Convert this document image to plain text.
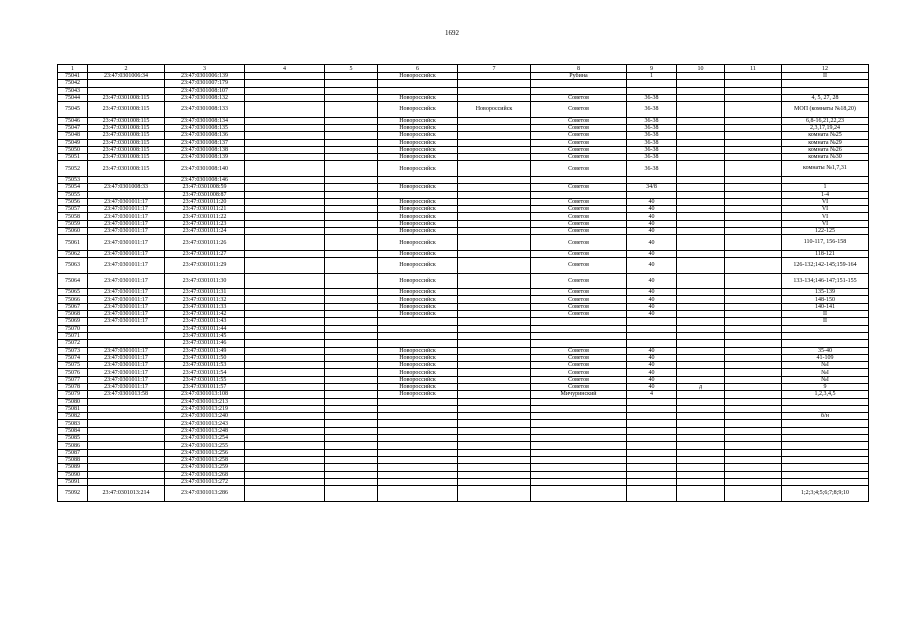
1692
1	2	3	4	5	6	7	8	9	10	11	12
75041	23:47:0301006:34	23:47:0301006:139			Новороссийск		Рубина	1			II
75042		23:47:0301007:179									
75043		23:47:0301008:107									
75044	23:47:0301008:115	23:47:0301008:132			Новороссийск		Советов	36-38			4, 5, 27, 28
75045	23:47:0301008:115	23:47:0301008:133			Новороссийск	Новороссийск	Советов	36-38			МОП (комнаты №18,20)
75046	23:47:0301008:115	23:47:0301008:134			Новороссийск		Советов	36-38			6,8-16,21,22,23
75047	23:47:0301008:115	23:47:0301008:135			Новороссийск		Советов	36-38			2,3,17,19,24
75048	23:47:0301008:115	23:47:0301008:136			Новороссийск		Советов	36-38			комната №25
75049	23:47:0301008:115	23:47:0301008:137			Новороссийск		Советов	36-38			комната №29
75050	23:47:0301008:115	23:47:0301008:138			Новороссийск		Советов	36-38			комната №26
75051	23:47:0301008:115	23:47:0301008:139			Новороссийск		Советов	36-38			комната №30
75052	23:47:0301008:115	23:47:0301008:140			Новороссийск		Советов	36-38			комнаты №1,7,31
75053		23:47:0301008:146									
75054	23:47:0301008:33	23:47:0301008:59			Новороссийск		Советов	34/8			1
75055		23:47:0301008:87									1-4
75056	23:47:0301011:17	23:47:0301011:20			Новороссийск		Советов	40			VI
75057	23:47:0301011:17	23:47:0301011:21			Новороссийск		Советов	40			VI
75058	23:47:0301011:17	23:47:0301011:22			Новороссийск		Советов	40			VI
75059	23:47:0301011:17	23:47:0301011:23			Новороссийск		Советов	40			VI
75060	23:47:0301011:17	23:47:0301011:24			Новороссийск		Советов	40			122-125
75061	23:47:0301011:17	23:47:0301011:26			Новороссийск		Советов	40			110-117, 156-158
75062	23:47:0301011:17	23:47:0301011:27			Новороссийск		Советов	40			118-121
75063	23:47:0301011:17	23:47:0301011:29			Новороссийск		Советов	40			126-132;142-145;159-164
75064	23:47:0301011:17	23:47:0301011:30			Новороссийск		Советов	40			133-134;146-147;151-155
75065	23:47:0301011:17	23:47:0301011:31			Новороссийск		Советов	40			135-139
75066	23:47:0301011:17	23:47:0301011:32			Новороссийск		Советов	40			148-150
75067	23:47:0301011:17	23:47:0301011:33			Новороссийск		Советов	40			140-141
75068	23:47:0301011:17	23:47:0301011:42			Новороссийск		Советов	40			II
75069	23:47:0301011:17	23:47:0301011:43									II
75070		23:47:0301011:44									
75071		23:47:0301011:45									
75072		23:47:0301011:46									
75073	23:47:0301011:17	23:47:0301011:49			Новороссийск		Советов	40			35-40
75074	23:47:0301011:17	23:47:0301011:50			Новороссийск		Советов	40			41-109
75075	23:47:0301011:17	23:47:0301011:53			Новороссийск		Советов	40			№I
75076	23:47:0301011:17	23:47:0301011:54			Новороссийск		Советов	40			№I
75077	23:47:0301011:17	23:47:0301011:55			Новороссийск		Советов	40			№I
75078	23:47:0301011:17	23:47:0301011:57			Новороссийск		Советов	40	д		9
75079	23:47:0301013:58	23:47:0301013:108			Новороссийск		Мичуринский	4			1,2,3,4,5
75080		23:47:0301013:213									
75081		23:47:0301013:219									
75082		23:47:0301013:240									б/н
75083		23:47:0301013:243									
75084		23:47:0301013:248									
75085		23:47:0301013:254									
75086		23:47:0301013:255									
75087		23:47:0301013:256									
75088		23:47:0301013:258									
75089		23:47:0301013:259									
75090		23:47:0301013:268									
75091		23:47:0301013:272									
75092	23:47:0301013:214	23:47:0301013:286									1;2;3;4;5;6;7;8;9;10
